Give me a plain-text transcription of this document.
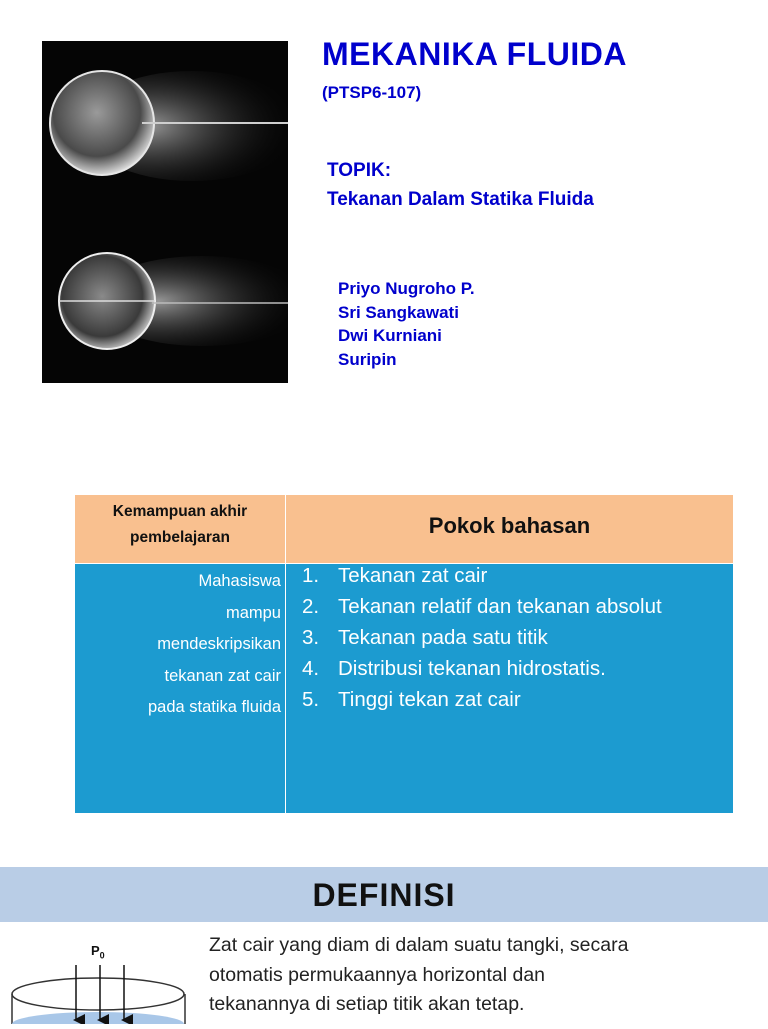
MEKANIKA FLUIDA
(PTSP6-107)
TOPIK:
Tekanan Dalam Statika Fluida
Priyo Nugroho P.
Sri Sangkawati
Dwi Kurniani
Suripin
Kemampuan akhir
pembelajaran	Pokok bahasan
Mahasiswa
mampu
mendeskripsikan
tekanan zat cair
pada statika fluida
1. Tekanan zat cair
2. Tekanan relatif dan tekanan absolut
3. Tekanan pada satu titik
4. Distribusi tekanan hidrostatis.
5. Tinggi tekan zat cair
DEFINISI
$P_0$	Zat cair yang diam di dalam suatu tangki, secara
otomatis permukaannya horizontal dan
tekanannya di setiap titik akan tetap.
